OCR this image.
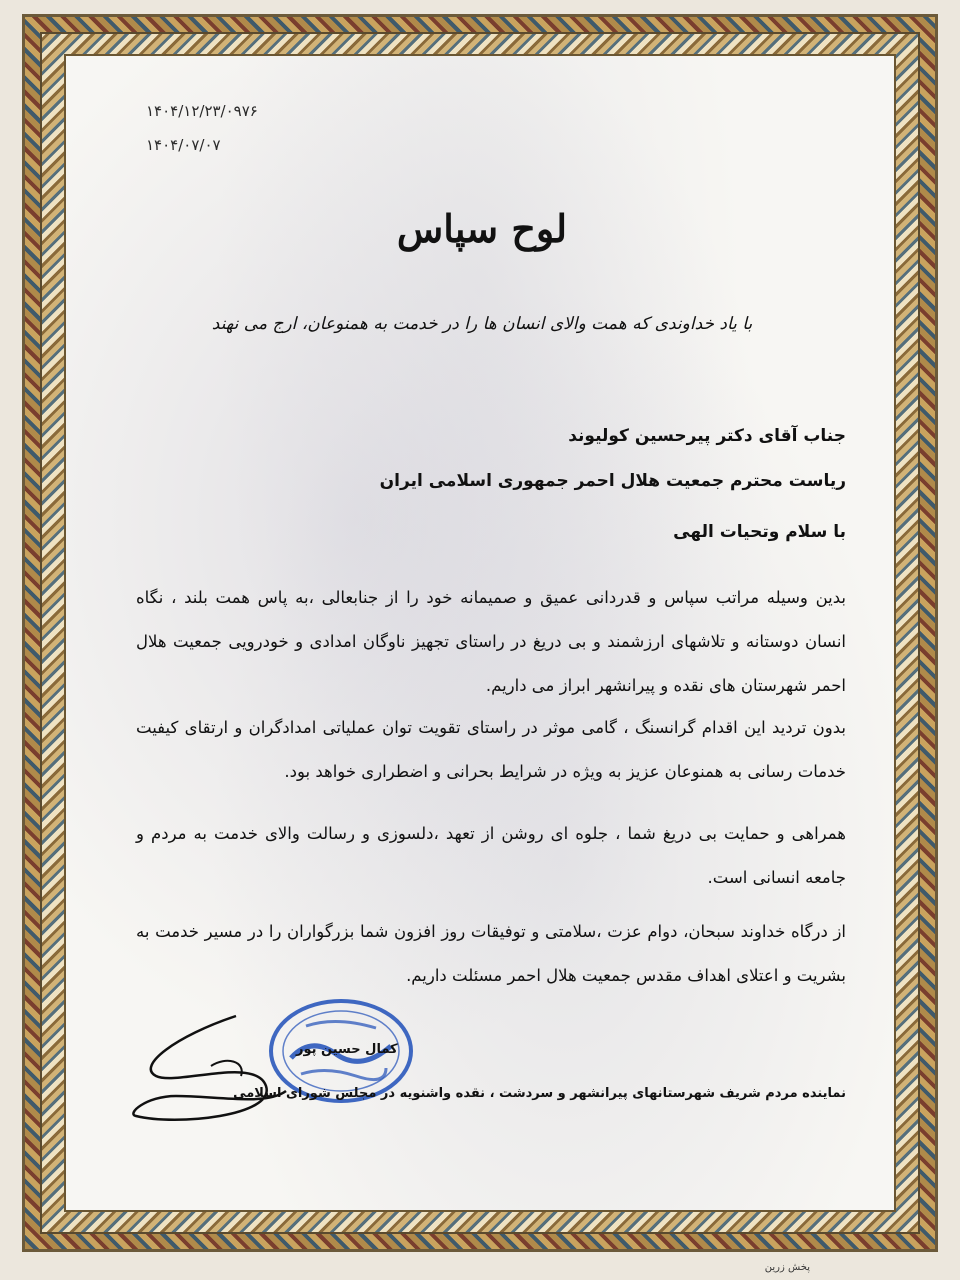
۱۴۰۴/۱۲/۲۳/۰۹۷۶
۱۴۰۴/۰۷/۰۷
لوح سپاس
با یاد خداوندی که همت والای انسان ها را در خدمت به همنوعان، ارج می نهند
جناب آقای دکتر پیرحسین کولیوند
ریاست محترم جمعیت هلال احمر جمهوری اسلامی ایران
با سلام وتحیات الهی
بدین وسیله مراتب سپاس و قدردانی عمیق و صمیمانه خود را از جنابعالی ،به پاس همت بلند ، نگاه انسان دوستانه و تلاشهای ارزشمند و بی دریغ در راستای تجهیز ناوگان امدادی و خودرویی جمعیت هلال احمر شهرستان های نقده و پیرانشهر ابراز می داریم.
بدون تردید این اقدام گرانسنگ ، گامی موثر در راستای تقویت توان عملیاتی امدادگران و ارتقای کیفیت خدمات رسانی به همنوعان عزیز به ویژه در شرایط بحرانی و اضطراری خواهد بود.
همراهی و حمایت بی دریغ شما ، جلوه ای روشن از تعهد ،دلسوزی و رسالت والای خدمت به مردم و جامعه انسانی است.
از درگاه خداوند سبحان، دوام عزت ،سلامتی و توفیقات روز افزون شما بزرگواران را در مسیر خدمت به بشریت و اعتلای اهداف مقدس جمعیت هلال احمر مسئلت داریم.
کمال حسین پور
نماینده مردم شریف شهرستانهای پیرانشهر و سردشت ، نقده واشنویه در مجلس شورای اسلامی
پخش زرین
